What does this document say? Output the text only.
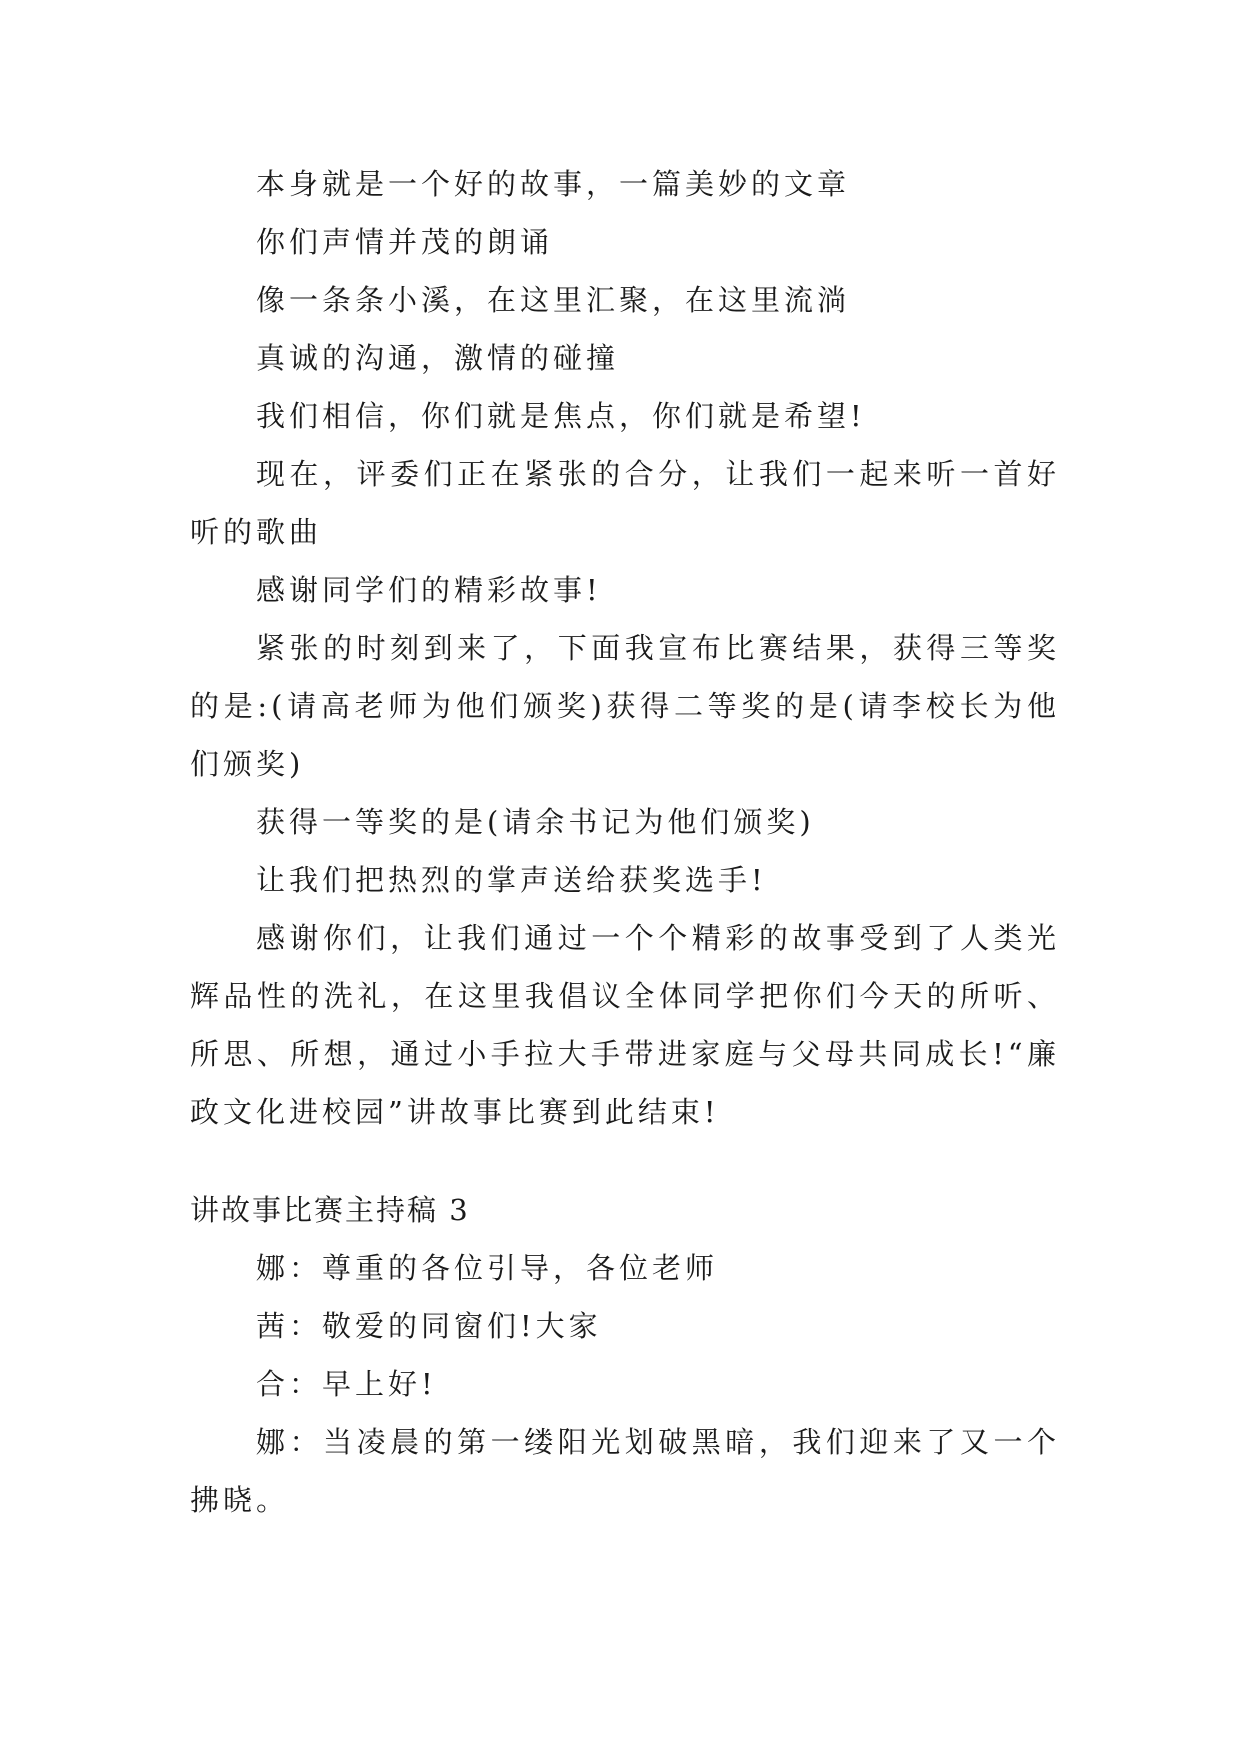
本身就是一个好的故事，一篇美妙的文章

你们声情并茂的朗诵

像一条条小溪，在这里汇聚，在这里流淌

真诚的沟通，激情的碰撞

我们相信，你们就是焦点，你们就是希望!

现在，评委们正在紧张的合分，让我们一起来听一首好听的歌曲

感谢同学们的精彩故事!

紧张的时刻到来了，下面我宣布比赛结果，获得三等奖的是:(请高老师为他们颁奖)获得二等奖的是(请李校长为他们颁奖)

获得一等奖的是(请余书记为他们颁奖)

让我们把热烈的掌声送给获奖选手!

感谢你们，让我们通过一个个精彩的故事受到了人类光辉品性的洗礼，在这里我倡议全体同学把你们今天的所听、所思、所想，通过小手拉大手带进家庭与父母共同成长!“廉政文化进校园”讲故事比赛到此结束!

讲故事比赛主持稿 3

娜：尊重的各位引导，各位老师

茜：敬爱的同窗们!大家

合：早上好!

娜：当凌晨的第一缕阳光划破黑暗，我们迎来了又一个拂晓。
